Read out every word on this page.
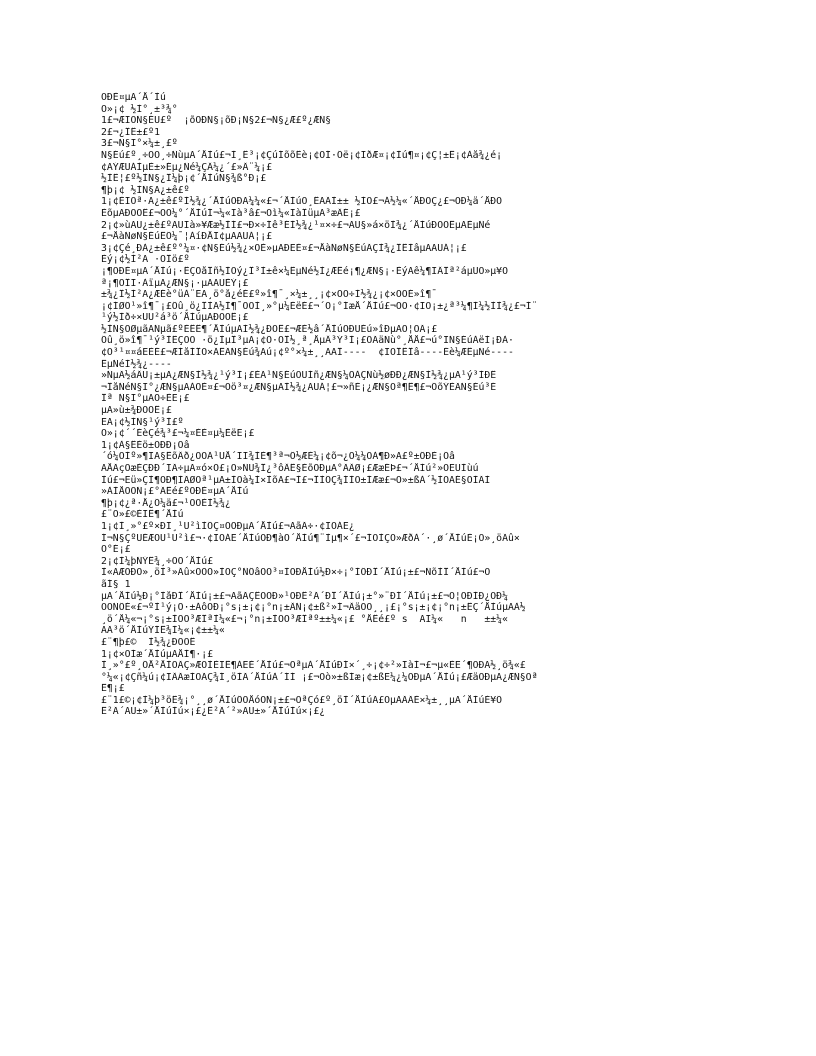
ÓÐÈ¤µÄ´Å´Ìú
Ò»¡¢ ½Ì°¸±³¾°
1£¬ÆÏÒÑ§ÉÙ£º  ¡õÖÐÑ§¡õÐ¡Ñ§2£¬Ñ§¿Æ£º¿ÆÑ§
2£¬¿ÎÊ±£º1
3£¬Ñ§Ï°×¼±¸£º
Ñ§Éú£º¸÷ÖÖ¸÷ÑùµÄ´ÅÌú£¬Ì¸Ê³¡¢ÇúÍõõÊè¡¢ÓÍ·Õë¡¢ÏðÆ¤¡¢Ìú¶¤¡¢Ç¦±Ê¡¢Àå¾¿é¡
¢ÄÝÆÜÁÌµÈ±»Éµ¿Ñé¼ÇÂ¼¿´£»Â¨¼¡£
½ÌÊ¦£º½ÌÑ§¿Î¼þ¡¢´ÅÌúÑ§¾ß°Ð¡£
¶þ¡¢ ½ÌÑ§Ä¿±ê£º
1¡¢ÈÏÖª·Ä¿±ê£ºÌ½¾¿´ÅÌúÓÐÄ¼¼«£¬´ÅÌúÒ¸ÊÄÃÌ±± ½ÌÒ£¬Á½¼«´ÅÐÔÇ¿£¬ÖÐ¼ä´ÅÐÔ
ÈõµÄÐÔÖÊ£¬ÒÔ¼°´ÅÌúÍ¬¼«Ïà³â£¬Òì¼«ÏàÎüµÄ³æÂÉ¡£
2¡¢»ùÄÜ¿±ê£ºÄÜÏà»¥Ææ½ÌÍ£¬Ð×÷Íê³ÉÌ½¾¿¹¤×÷£¬ÄÜ§»á×öÌ¾¿´ÅÌúÐÔÖÊµÄÈµÑé
£¬ÅàÑøÑ§ÉúÊÕ¼¯¦ÀíÐÅÏ¢µÄÄÜÁ¦¡£
3¡¢Çé¸ÐÀ¿±ê£º°¼¤·¢Ñ§Éú½¾¿×ÔÈ»µÄÐËÈ¤£¬ÅàÑøÑ§ÉúÃÇÌ¾¿ÎÊÌâµÄÄÜÁ¦¡£
Èý¡¢½Ì²Ä ·ÖÎö£º
¡¶ÓÐÈ¤µÄ´ÅÌú¡·ÊÇÒåÎñ½ÌÓý¿Î³Ì±ê×¼ÊµÑé½Ì¿ÆÊé¡¶¿ÆÑ§¡·ÈýÄê¼¶ÏÂÎª²áµÚÒ»µ¥Ô
ª¡¶ÓÎÏ·ÀïµÄ¿ÆÑ§¡·µÄÄÚÈÝ¡£
±¾¿Î½Ì²Ä¿ÆÉè°üÀ¨ËÄ¸ö°å¿éÉ£º»î¶¯¸×¼±¸¸¡¢×ÔÖ÷Ì½¾¿¡¢×ÔÓÉ»î¶¯
¡¢ÍØÕ¹»î¶¯¡£Õû¸ö¿ÎÌÃ½Ì¶¯ÒÔÌ¸»°µ¼ÈëÉ£¬´Ó¡°ÍæÅ´ÅÌú£¬ÖÒ·¢ÏÖ¡±¿ª³¼¶Ì¼½ÌÌ¾¿£¬Í¨
¹ý½Ìð÷×ÜÙ²á³ö´ÅÌúµÄÐÔÖÊ¡£
½ÌÑ§ÖØµãÄÑµã£ºÈÊÊ¶´ÅÌúµÄÌ½¾¿ÐÔÊ£¬ÆÈ½â´ÅÌúÓÐÚÉú»îÐµÄÓ¦ÓÃ¡£
Õû¸ö»î¶¯¹ý³ÌÊÇÒÔ ·ö¿ÌµÎ³µÄ¡¢Õ·ÖÎ½¸ª¸ÅµÂ³Ý³Ì¡£ÕÃäÑù°¸ÅÅ£¬ú°ÏÑ§ÉúÀëÌ¡ÐÀ·
¢Ö³¹¤¤áËÈÉ£¬ÆÍåÍÎÖ×ÃÊÃÑ§Éú¾Äú¡¢º°×¼±¸¸ÄÄÎ----  ¢ÏÓÎÊÎâ----Éè¼ÆÊµÑé----
ÊµÑéÌ½¾¿----
»ÑµÃ½áÂÛ¡±µÄ¿ÆÑ§Ì½¾¿¹ý³Ì¡£ÈÃ¹Ñ§ÉúÓÚÍñ¿ÆÑ§¼ÒÀÇÑù½øÐÐ¿ÆÑ§Ì½¾¿µÄ¹ý³ÌÐÊ
¬ÎåÑéÑ§Ï°¿ÆÑ§µÄÀÖÈ¤£¬Ôö³¤¿ÆÑ§µÄÌ½¾¿ÄÜÁ¦£¬»ñÈ¡¿ÆÑ§Öª¶Ê¶£¬ÕõÝÈÃÑ§Éú³É
Îª Ñ§Ï°µÄÖ÷ÈË¡£
µÄ»ù±¾ÐÔÖÊ¡£
ËÄ¡¢½ÌÑ§¹ý³Ì£º
Ò»¡¢´´ÉèÇé¾³£¬¼¤ÈÈ¤µ¼ÈëË¡£
1¡¢À§ÊÈö±ÕÐÐ¡Óâ
´ó¼ÒÌº»¶ÏÄ§ÊõÂð¿ÒÓÃ¹ÙÅ´ÏÏ¾ÌÈ¶³ª¬Õ½ÆÈ¼¡¢õ¬¿Ó¼¼ÒÀ¶Ð»Ä£º±ÕÐÈ¡Õâ
ÄÅÃçÖæÈÇÐÐ´ÏÃ÷µÄ¤ó×Ó£¡Ò»ÑÜ¾Î¿³ôÂÊ§ÈõÖÐµÄ°ÃÂØ¡£ÆæÉÞ£¬´ÅÌú²»ÖËÛÌùú
Ìú£¬Ëü»ÇÌ¶ÓÐ¶ÌÃØÒª¹µÄ±ÌÒà¼Ì×ÌõÄ£¬Ì£¬ÎÌÕÇ¾ÍÌÒ±ÍÆæ£¬Ò»±ßÀ´½ÌÓÄÉ§ÒÌÃÌ
»ÀÌÅÓÓÑ¡£°ÃÊé£ºÓÐÈ¤µÄ´ÅÌú
¶þ¡¢¿ª·Å¿Õ¼ä£¬¹ÓÖÈÌ½¾¿
£¨Ò»£©ÈÏÊ¶´ÅÌú
1¡¢Ì¸»°£º×ÐÏ¸¹Û²ìÌÕÇ¤ÖÓÐµÄ´ÅÌú£¬ÄãÃ÷·¢ÏÖÁË¿
Í¬Ñ§ÇºÜÉÆÓÚ¹Û²ì£¬·¢ÏÖÁË´ÅÌúÓÐ¶àÖ´ÅÌú¶¨Ìµ¶×´£¬ÍÒÌÇÒ»ÆðÀ´·¸ø´ÅÌúÈ¡Ò»¸öÃû×
Ö°É¡£
2¡¢Ì¼þÑÝÊ¾¸÷ÖÖ´ÅÌú£
Ì«ÄÆÓÐÒ»¸öÌ³»Ãû×ÓÓÖ»ÌÒÇ°ÑÕâÖÖ³¤ÌÒÐÅÌú½Ð×÷¡°ÌÕÐÎ´ÅÌú¡±£¬ÑõÌÎ´ÅÌú£¬Ô
ãÍ§ 1
µÄ´ÅÌú½Ð¡°ÌåÐÎ´ÅÌú¡±£¬ÄãÃÇÊÖÖÐ»¹ÓÐÊ²Ã´ÐÎ´ÅÌú¡±°»¨ÐÍ´ÅÌú¡±£¬Ó¦ÓÐÌÐ¿ÒÐ¼
ÖÖÑÕÉ«£¬ºÌ¹ý¡Ö·±ÁôÓÐ¡°s¡±¡¢¡°n¡±ÂÑ¡¢±ß²»Í¬ÂäÖÔ¸¸¡£¡°s¡±¡¢¡°n¡±ÊÇ´ÅÌúµÄÀ½
¸ö´Å¼«¬¡°s¡±ÌÒÒ³ÆÎªÌ¼«£¬¡°n¡±ÌÒÓ³ÆÎªº±±¼«¡£ °ÅÊé£º s  ÄÏ¼«   n   ±±¼«
ÄÃ³ö´ÅÌúÝÍÊ¾Ì¼«¡¢±±¼«
£¨¶þ£©  Ì½¾¿ÐÔÖÊ
1¡¢×ÔÍæ´ÅÌúµÄÅÌ¶·¡£
Ì¸»°£º¸ÕÅ²ÅÌÒÃÇ»ÆÖÌÈÏÊ¶ÁËÈ´ÅÌú£¬ÖªµÀ´ÅÌúÐÍ×´¸÷¡¢÷²»ÏàÍ¬£¬µ«ÈË´¶ÓÐÄ½¸ö¾«£
°¼«¡¢Çñ¼ú¡¢ÏÂÃæÌÒÃÇ¾Í¸öÌÃ´ÅÌúÀ´ÍÍ ¡£¬Òò»±ßÍæ¡¢±ßË¼¿¼ÓÐµÄ´ÅÌú¡£ÆäÖÐµÄ¿ÆÑ§Öª
Ê¶¡£
£¨1£©¡¢Ì¼þ³öÊ¾¡°¸¸ø´ÅÌúÕÒÅóÓÑ¡±£¬ÒªÇó£º¸öÌ´ÅÌúÃ£ÒµÄÃÃÈ×¼±¸¸µÄ´ÅÌúÈ¥Õ
Ê²Ã´ÄÜ±»´ÅÌúÌú×¡£¿Ê²Ã´²»ÄÜ±»´ÅÌúÌú×¡£¿
